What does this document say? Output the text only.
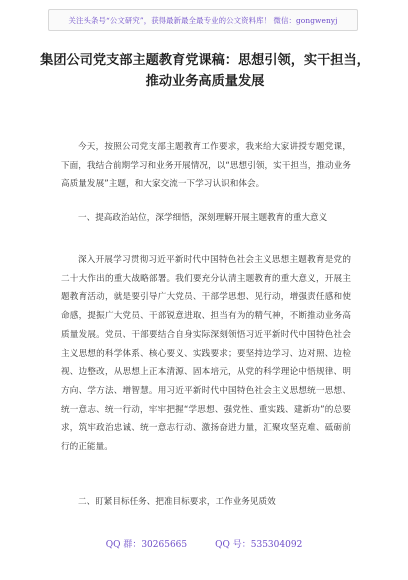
关注头条号“公文研究”，获得最新最全最专业的公文资料库！ 微信：gongwenyj
集团公司党支部主题教育党课稿：思想引领，实干担当，推动业务高质量发展

今天，按照公司党支部主题教育工作要求，我来给大家讲授专题党课，下面，我结合前期学习和业务开展情况，以“思想引领，实干担当，推动业务高质量发展”主题，和大家交流一下学习认识和体会。

一、提高政治站位，深学细悟，深刻理解开展主题教育的重大意义

深入开展学习贯彻习近平新时代中国特色社会主义思想主题教育是党的二十大作出的重大战略部署。我们要充分认清主题教育的重大意义，开展主题教育活动，就是要引导广大党员、干部学思想、见行动，增强责任感和使命感，提振广大党员、干部锐意进取、担当有为的精气神，不断推动业务高质量发展。党员、干部要结合自身实际深刻领悟习近平新时代中国特色社会主义思想的科学体系、核心要义、实践要求；要坚持边学习、边对照、边检视、边整改，从思想上正本清源、固本培元，从党的科学理论中悟规律、明方向、学方法、增智慧。用习近平新时代中国特色社会主义思想统一思想、统一意志、统一行动，牢牢把握“学思想、强党性、重实践、建新功”的总要求，筑牢政治忠诚、统一意志行动、激扬奋进力量，汇聚攻坚克难、砥砺前行的正能量。

二、盯紧目标任务、把准目标要求，工作业务见质效

QQ 群：30265665	QQ 号：535304092
